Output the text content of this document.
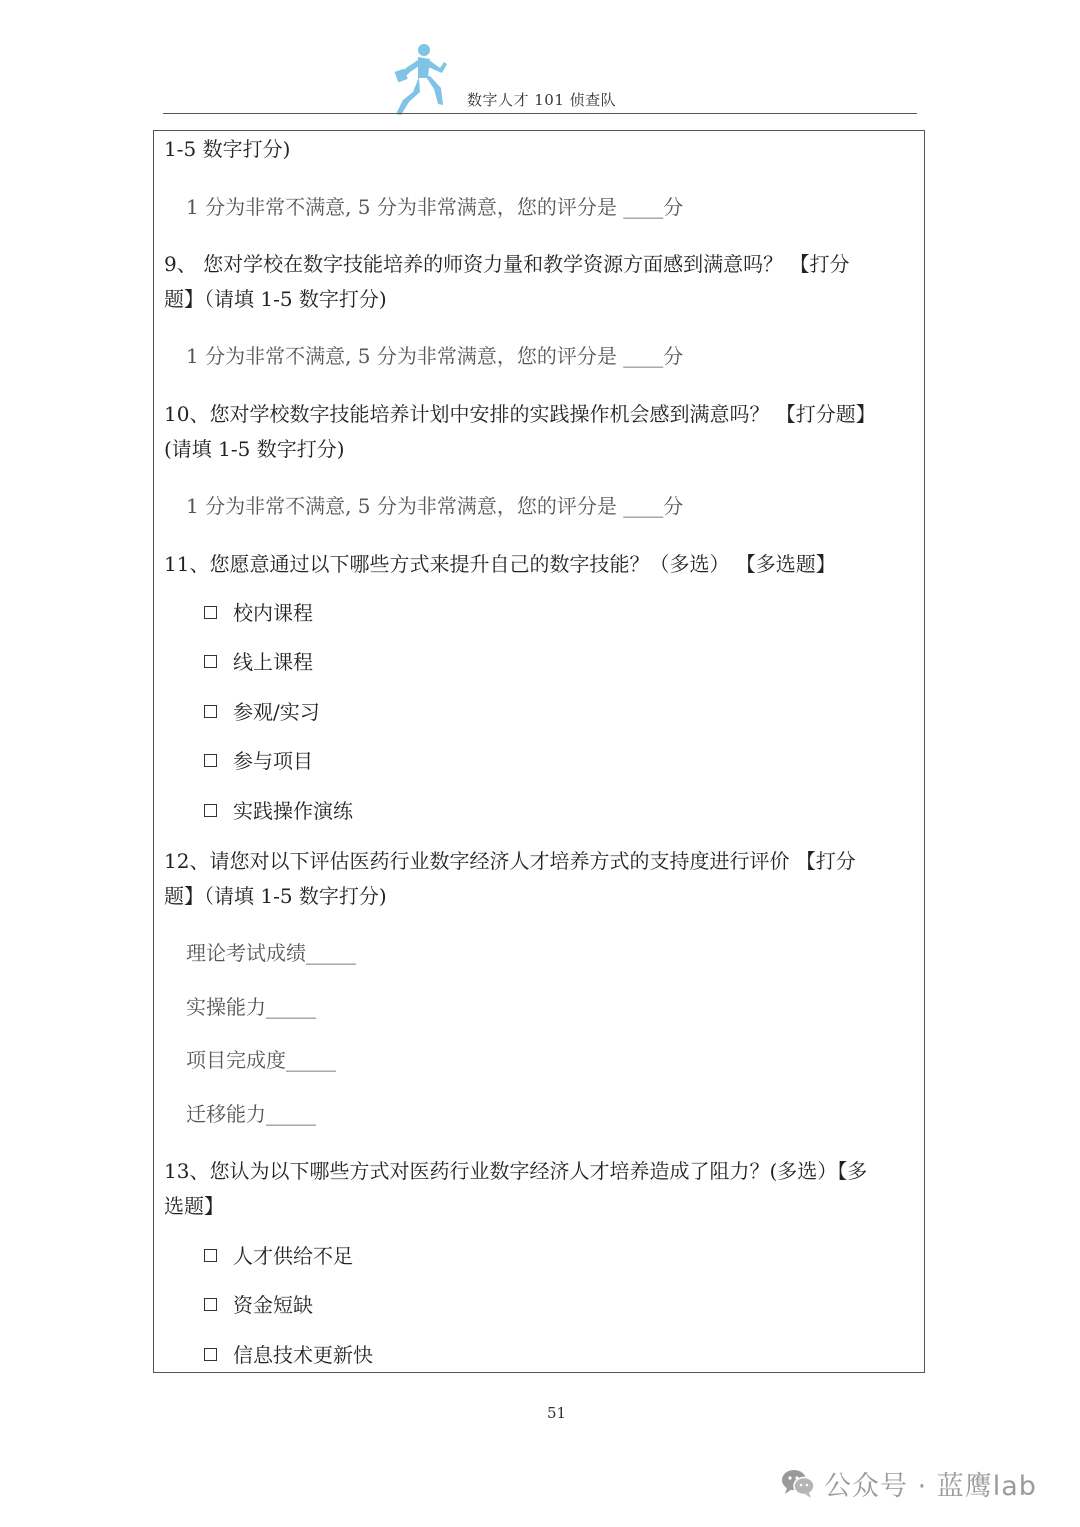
数字人才 101 侦查队
1-5 数字打分)
1 分为非常不满意, 5 分为非常满意，您的评分是 ____分
9、 您对学校在数字技能培养的师资力量和教学资源方面感到满意吗？ 【打分
题】（请填 1-5 数字打分)
1 分为非常不满意, 5 分为非常满意，您的评分是 ____分
10、您对学校数字技能培养计划中安排的实践操作机会感到满意吗？ 【打分题】
(请填 1-5 数字打分)
1 分为非常不满意, 5 分为非常满意，您的评分是 ____分
11、您愿意通过以下哪些方式来提升自己的数字技能？（多选） 【多选题】
校内课程
线上课程
参观/实习
参与项目
实践操作演练
12、请您对以下评估医药行业数字经济人才培养方式的支持度进行评价 【打分
题】（请填 1-5 数字打分)
理论考试成绩_____
实操能力_____
项目完成度_____
迁移能力_____
13、您认为以下哪些方式对医药行业数字经济人才培养造成了阻力？(多选）【多
选题】
人才供给不足
资金短缺
信息技术更新快
51
公众号 · 蓝鹰lab
